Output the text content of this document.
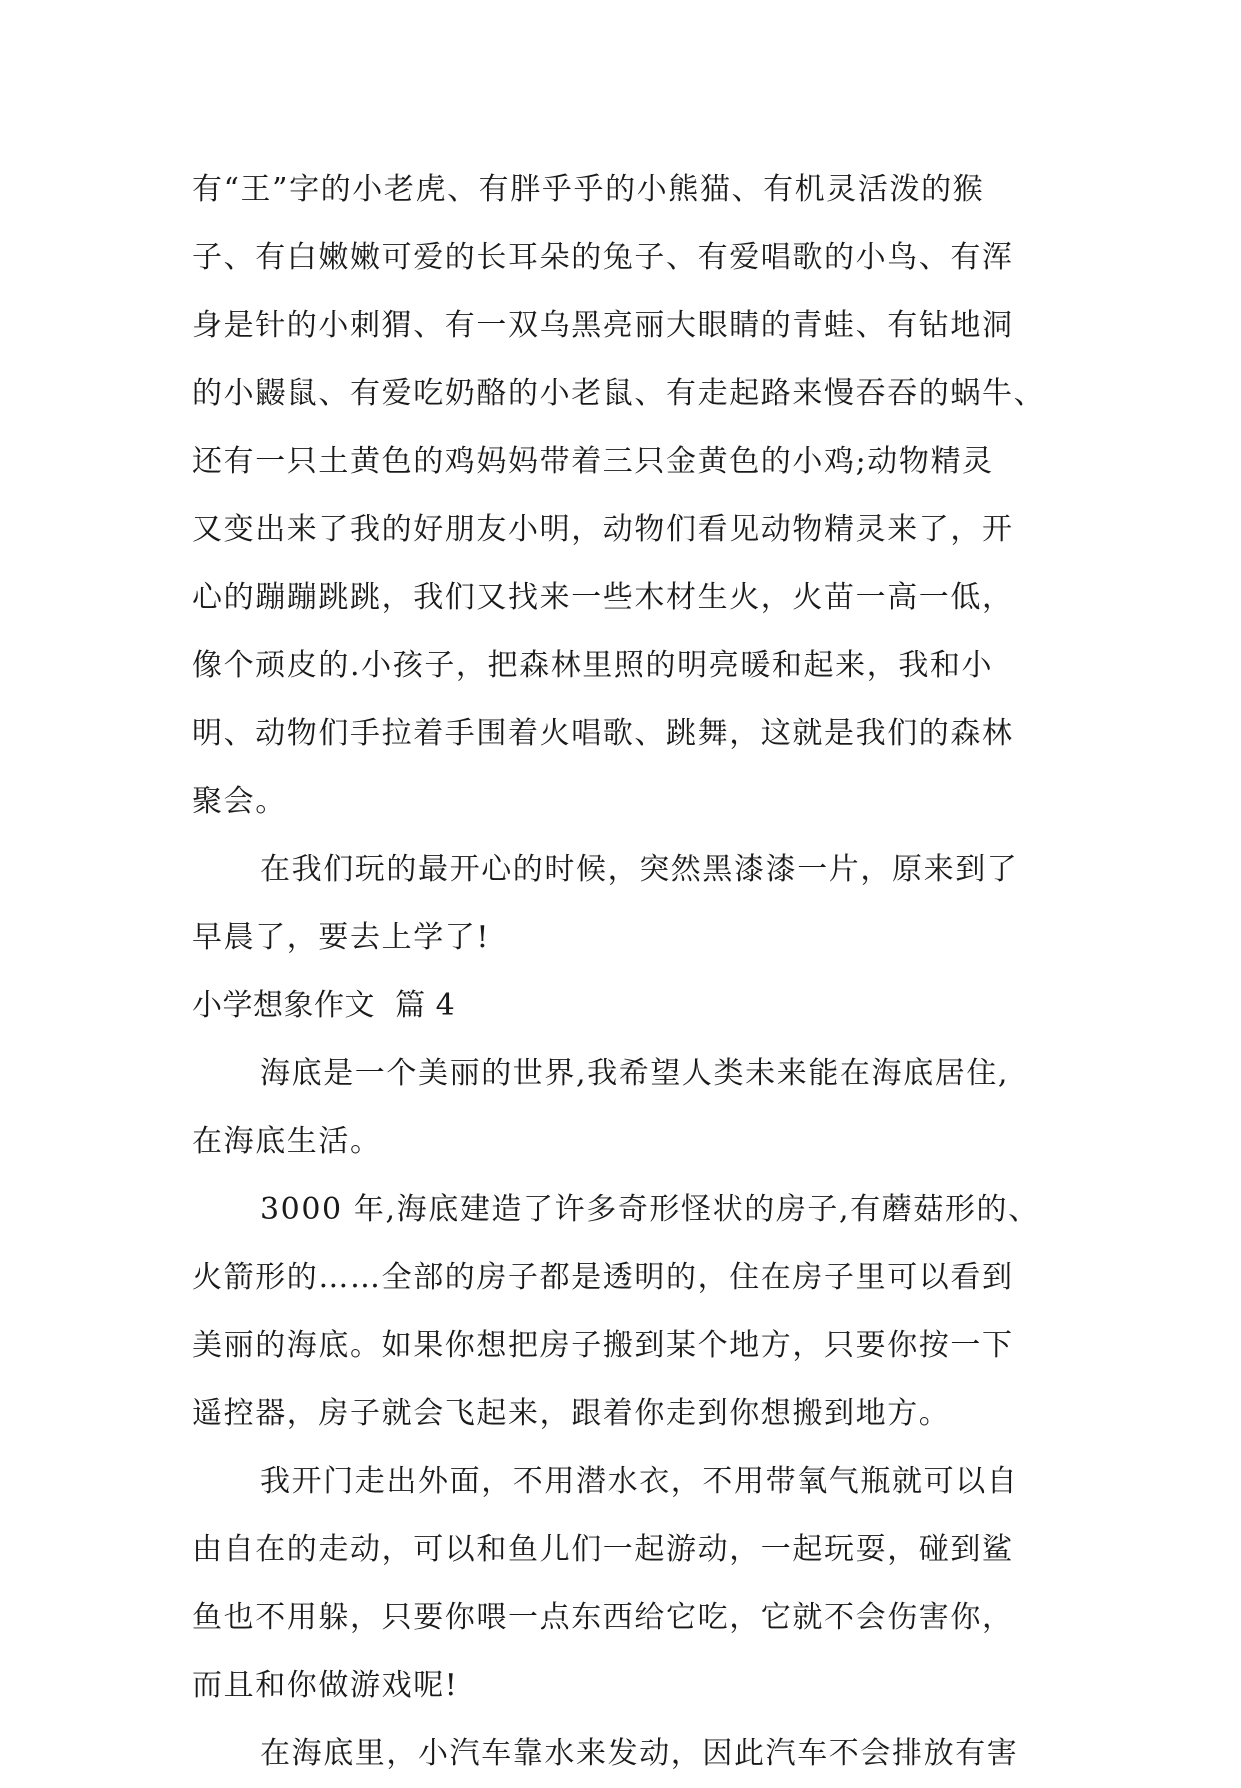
有“王”字的小老虎、有胖乎乎的小熊猫、有机灵活泼的猴
子、有白嫩嫩可爱的长耳朵的兔子、有爱唱歌的小鸟、有浑
身是针的小刺猬、有一双乌黑亮丽大眼睛的青蛙、有钻地洞
的小鼹鼠、有爱吃奶酪的小老鼠、有走起路来慢吞吞的蜗牛、
还有一只土黄色的鸡妈妈带着三只金黄色的小鸡;动物精灵
又变出来了我的好朋友小明，动物们看见动物精灵来了，开
心的蹦蹦跳跳，我们又找来一些木材生火，火苗一高一低，
像个顽皮的.小孩子，把森林里照的明亮暖和起来，我和小
明、动物们手拉着手围着火唱歌、跳舞，这就是我们的森林
聚会。
在我们玩的最开心的时候，突然黑漆漆一片，原来到了
早晨了，要去上学了!
小学想象作文  篇 4
海底是一个美丽的世界,我希望人类未来能在海底居住,
在海底生活。
3000 年,海底建造了许多奇形怪状的房子,有蘑菇形的、
火箭形的……全部的房子都是透明的，住在房子里可以看到
美丽的海底。如果你想把房子搬到某个地方，只要你按一下
遥控器，房子就会飞起来，跟着你走到你想搬到地方。
我开门走出外面，不用潜水衣，不用带氧气瓶就可以自
由自在的走动，可以和鱼儿们一起游动，一起玩耍，碰到鲨
鱼也不用躲，只要你喂一点东西给它吃，它就不会伤害你，
而且和你做游戏呢!
在海底里，小汽车靠水来发动，因此汽车不会排放有害
